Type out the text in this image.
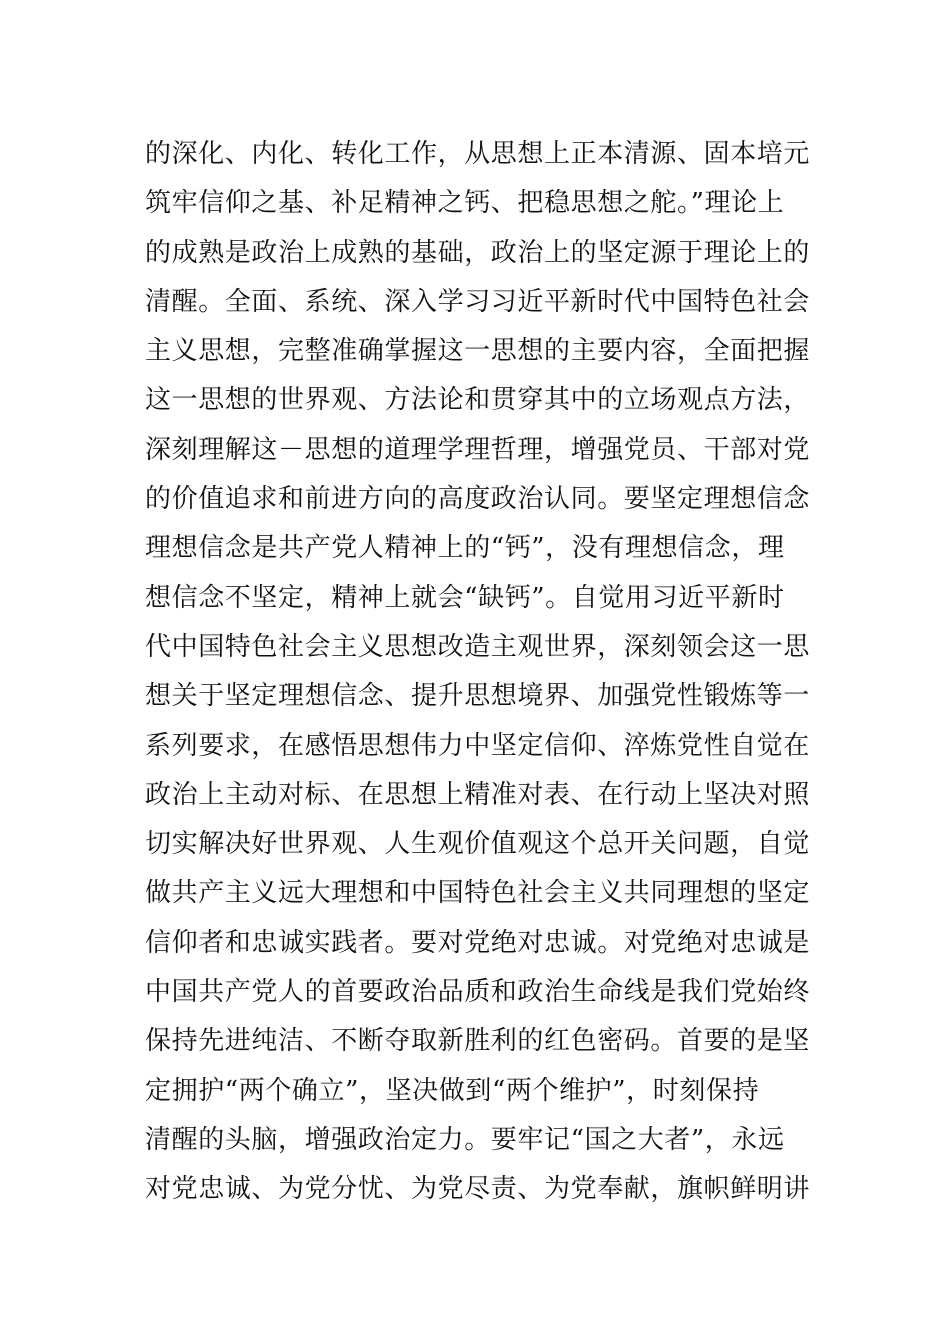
的深化、内化、转化工作，从思想上正本清源、固本培元
筑牢信仰之基、补足精神之钙、把稳思想之舵。”理论上
的成熟是政治上成熟的基础，政治上的坚定源于理论上的
清醒。全面、系统、深入学习习近平新时代中国特色社会
主义思想，完整准确掌握这一思想的主要内容，全面把握
这一思想的世界观、方法论和贯穿其中的立场观点方法，
深刻理解这－思想的道理学理哲理，增强党员、干部对党
的价值追求和前进方向的高度政治认同。要坚定理想信念
理想信念是共产党人精神上的“钙”，没有理想信念，理
想信念不坚定，精神上就会“缺钙”。自觉用习近平新时
代中国特色社会主义思想改造主观世界，深刻领会这一思
想关于坚定理想信念、提升思想境界、加强党性锻炼等一
系列要求，在感悟思想伟力中坚定信仰、淬炼党性自觉在
政治上主动对标、在思想上精准对表、在行动上坚决对照
切实解决好世界观、人生观价值观这个总开关问题，自觉
做共产主义远大理想和中国特色社会主义共同理想的坚定
信仰者和忠诚实践者。要对党绝对忠诚。对党绝对忠诚是
中国共产党人的首要政治品质和政治生命线是我们党始终
保持先进纯洁、不断夺取新胜利的红色密码。首要的是坚
定拥护“两个确立”，坚决做到“两个维护”，时刻保持
清醒的头脑，增强政治定力。要牢记“国之大者”，永远
对党忠诚、为党分忧、为党尽责、为党奉献，旗帜鲜明讲
